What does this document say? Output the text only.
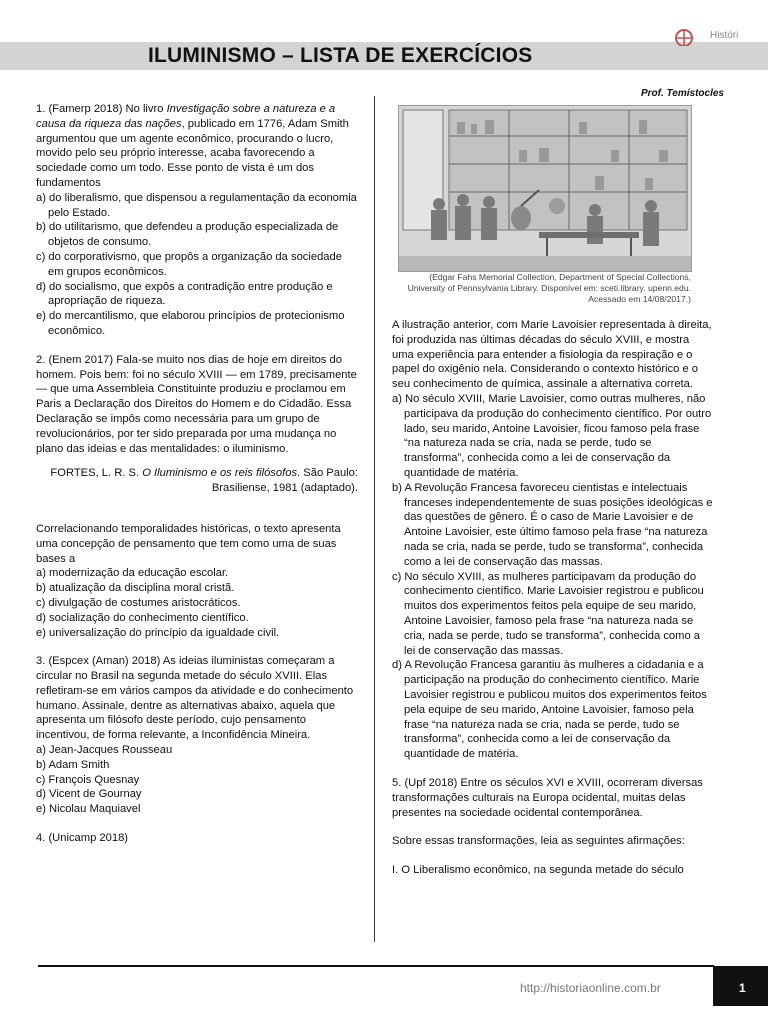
ILUMINISMO – LISTA DE EXERCÍCIOS
Históri
Prof. Temístocles

1. (Famerp 2018) No livro Investigação sobre a natureza e a causa da riqueza das nações, publicado em 1776, Adam Smith argumentou que um agente econômico, procurando o lucro, movido pelo seu próprio interesse, acaba favorecendo a sociedade como um todo. Esse ponto de vista é um dos fundamentos
a) do liberalismo, que dispensou a regulamentação da economia pelo Estado.
b) do utilitarismo, que defendeu a produção especializada de objetos de consumo.
c) do corporativismo, que propôs a organização da sociedade em grupos econômicos.
d) do socialismo, que expôs a contradição entre produção e apropriação de riqueza.
e) do mercantilismo, que elaborou princípios de protecionismo econômico.

2. (Enem 2017) Fala-se muito nos dias de hoje em direitos do homem. Pois bem: foi no século XVIII — em 1789, precisamente — que uma Assembleia Constituinte produziu e proclamou em Paris a Declaração dos Direitos do Homem e do Cidadão. Essa Declaração se impôs como necessária para um grupo de revolucionários, por ter sido preparada por uma mudança no plano das ideias e das mentalidades: o iluminismo.

FORTES, L. R. S. O Iluminismo e os reis filósofos. São Paulo: Brasiliense, 1981 (adaptado).

Correlacionando temporalidades históricas, o texto apresenta uma concepção de pensamento que tem como uma de suas bases a
a) modernização da educação escolar.
b) atualização da disciplina moral cristã.
c) divulgação de costumes aristocráticos.
d) socialização do conhecimento científico.
e) universalização do princípio da igualdade civil.

3. (Espcex (Aman) 2018) As ideias iluministas começaram a circular no Brasil na segunda metade do século XVIII. Elas refletiram-se em vários campos da atividade e do conhecimento humano. Assinale, dentre as alternativas abaixo, aquela que apresenta um filósofo deste período, cujo pensamento incentivou, de forma relevante, a Inconfidência Mineira.
a) Jean-Jacques Rousseau
b) Adam Smith
c) François Quesnay
d) Vicent de Gournay
e) Nicolau Maquiavel

4. (Unicamp 2018)

(Edgar Fahs Memorial Collection, Department of Special Collections, University of Pennsylvania Library. Disponível em: sceti.library. upenn.edu. Acessado em 14/08/2017.)

A ilustração anterior, com Marie Lavoisier representada à direita, foi produzida nas últimas décadas do século XVIII, e mostra uma experiência para entender a fisiologia da respiração e o papel do oxigênio nela. Considerando o contexto histórico e o seu conhecimento de química, assinale a alternativa correta.

a) No século XVIII, Marie Lavoisier, como outras mulheres, não participava da produção do conhecimento científico. Por outro lado, seu marido, Antoine Lavoisier, ficou famoso pela frase “na natureza nada se cria, nada se perde, tudo se transforma”, conhecida como a lei de conservação da quantidade de matéria.
b) A Revolução Francesa favoreceu cientistas e intelectuais franceses independentemente de suas posições ideológicas e das questões de gênero. É o caso de Marie Lavoisier e de Antoine Lavoisier, este último famoso pela frase “na natureza nada se cria, nada se perde, tudo se transforma”, conhecida como a lei de conservação das massas.
c) No século XVIII, as mulheres participavam da produção do conhecimento científico. Marie Lavoisier registrou e publicou muitos dos experimentos feitos pela equipe de seu marido, Antoine Lavoisier, famoso pela frase “na natureza nada se cria, nada se perde, tudo se transforma”, conhecida como a lei de conservação das massas.
d) A Revolução Francesa garantiu às mulheres a cidadania e a participação na produção do conhecimento científico. Marie Lavoisier registrou e publicou muitos dos experimentos feitos pela equipe de seu marido, Antoine Lavoisier, famoso pela frase “na natureza nada se cria, nada se perde, tudo se transforma”, conhecida como a lei de conservação da quantidade de matéria.

5. (Upf 2018) Entre os séculos XVI e XVIII, ocorreram diversas transformações culturais na Europa ocidental, muitas delas presentes na sociedade ocidental contemporânea.

Sobre essas transformações, leia as seguintes afirmações:

I. O Liberalismo econômico, na segunda metade do século

http://historiaonline.com.br	1
